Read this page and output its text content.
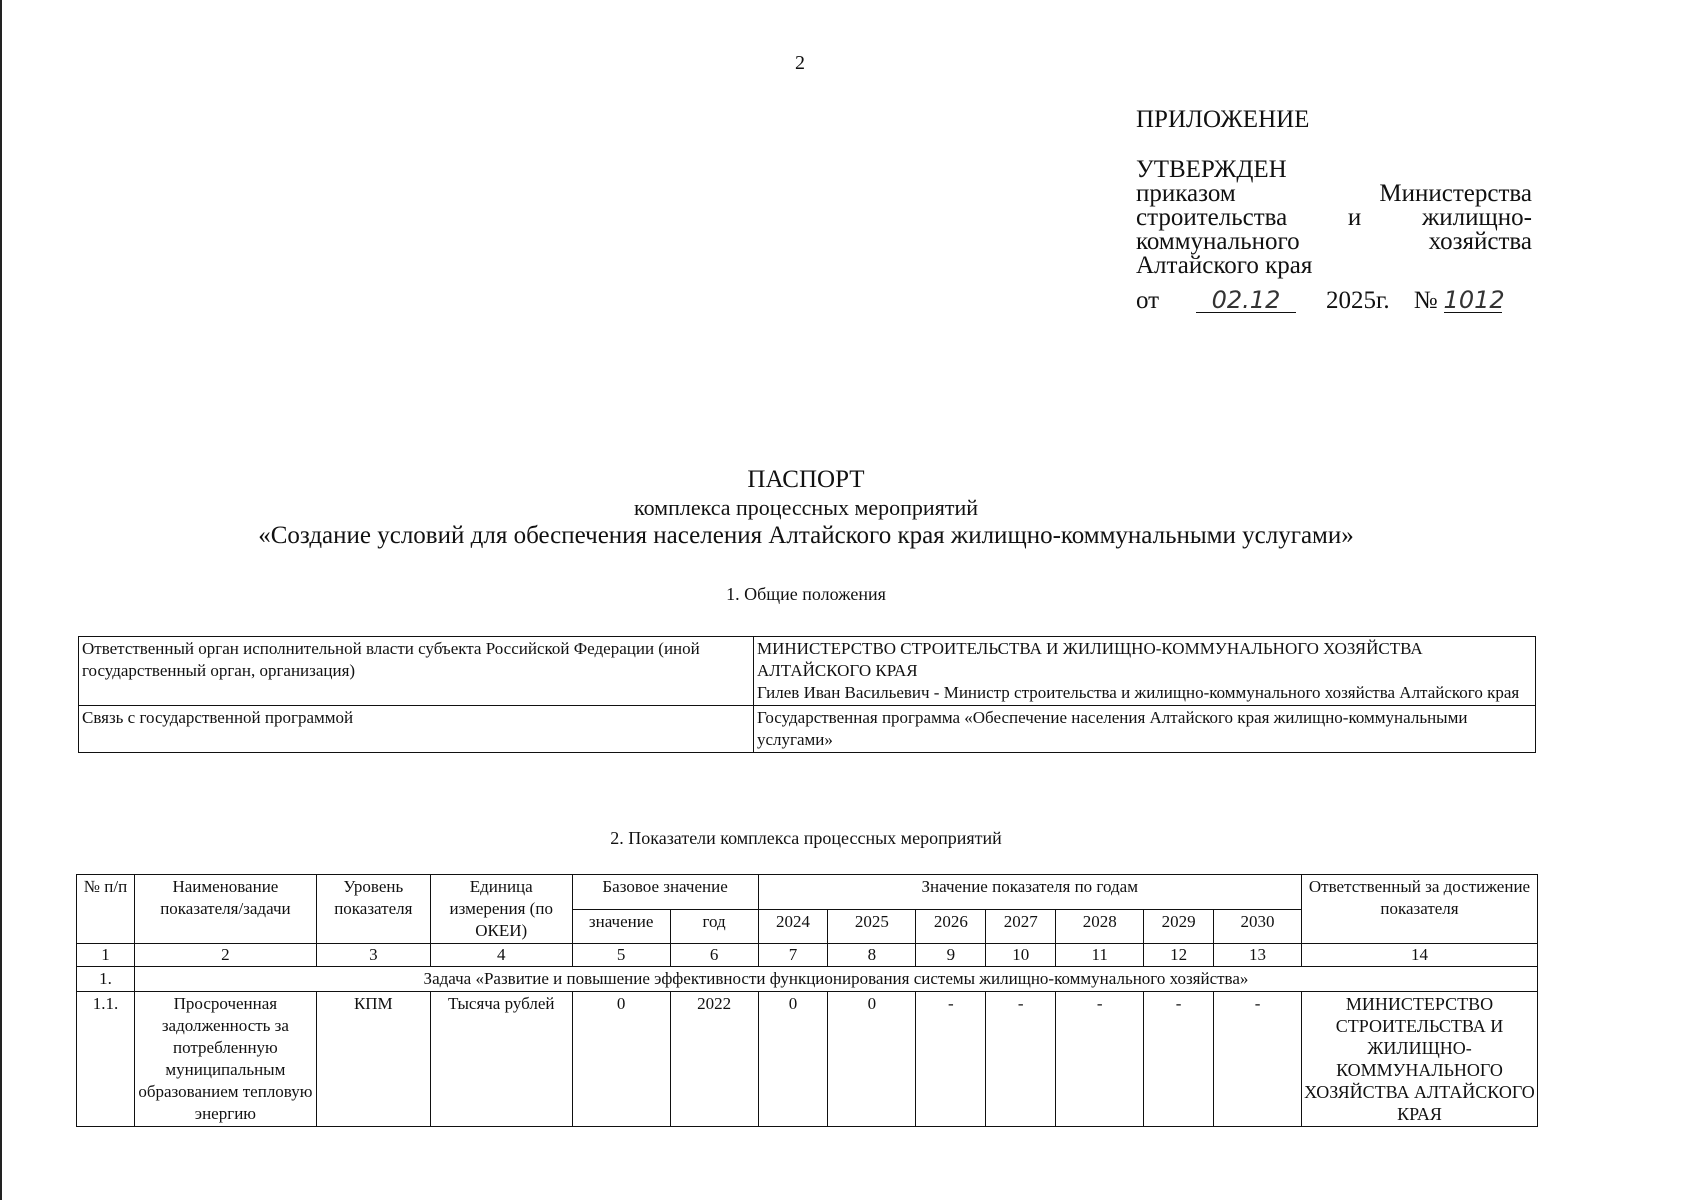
2
ПРИЛОЖЕНИЕ
УТВЕРЖДЕН
приказом Министерства строительства и жилищно-коммунального хозяйства Алтайского края
от	02.12	2025г. № 1012
ПАСПОРТ
комплекса процессных мероприятий
«Создание условий для обеспечения населения Алтайского края жилищно-коммунальными услугами»
1. Общие положения
Ответственный орган исполнительной власти субъекта Российской Федерации (иной государственный орган, организация)	МИНИСТЕРСТВО СТРОИТЕЛЬСТВА И ЖИЛИЩНО-КОММУНАЛЬНОГО ХОЗЯЙСТВА АЛТАЙСКОГО КРАЯ
Гилев Иван Васильевич - Министр строительства и жилищно-коммунального хозяйства Алтайского края

Связь с государственной программой	Государственная программа «Обеспечение населения Алтайского края жилищно-коммунальными услугами»
2. Показатели комплекса процессных мероприятий
№ п/п	Наименование показателя/задачи	Уровень показателя	Единица измерения (по ОКЕИ)	Базовое значение		Значение показателя по годам							Ответственный за достижение показателя
				значение	год	2024	2025	2026	2027	2028	2029	2030	
1	2	3	4	5	6	7	8	9	10	11	12	13	14
1.	Задача «Развитие и повышение эффективности функционирования системы жилищно-коммунального хозяйства»												
1.1.	Просроченная задолженность за потребленную муниципальным образованием тепловую энергию	КПМ	Тысяча рублей	0	2022	0	0	-	-	-	-	-	МИНИСТЕРСТВО СТРОИТЕЛЬСТВА И ЖИЛИЩНО-КОММУНАЛЬНОГО ХОЗЯЙСТВА АЛТАЙСКОГО КРАЯ
